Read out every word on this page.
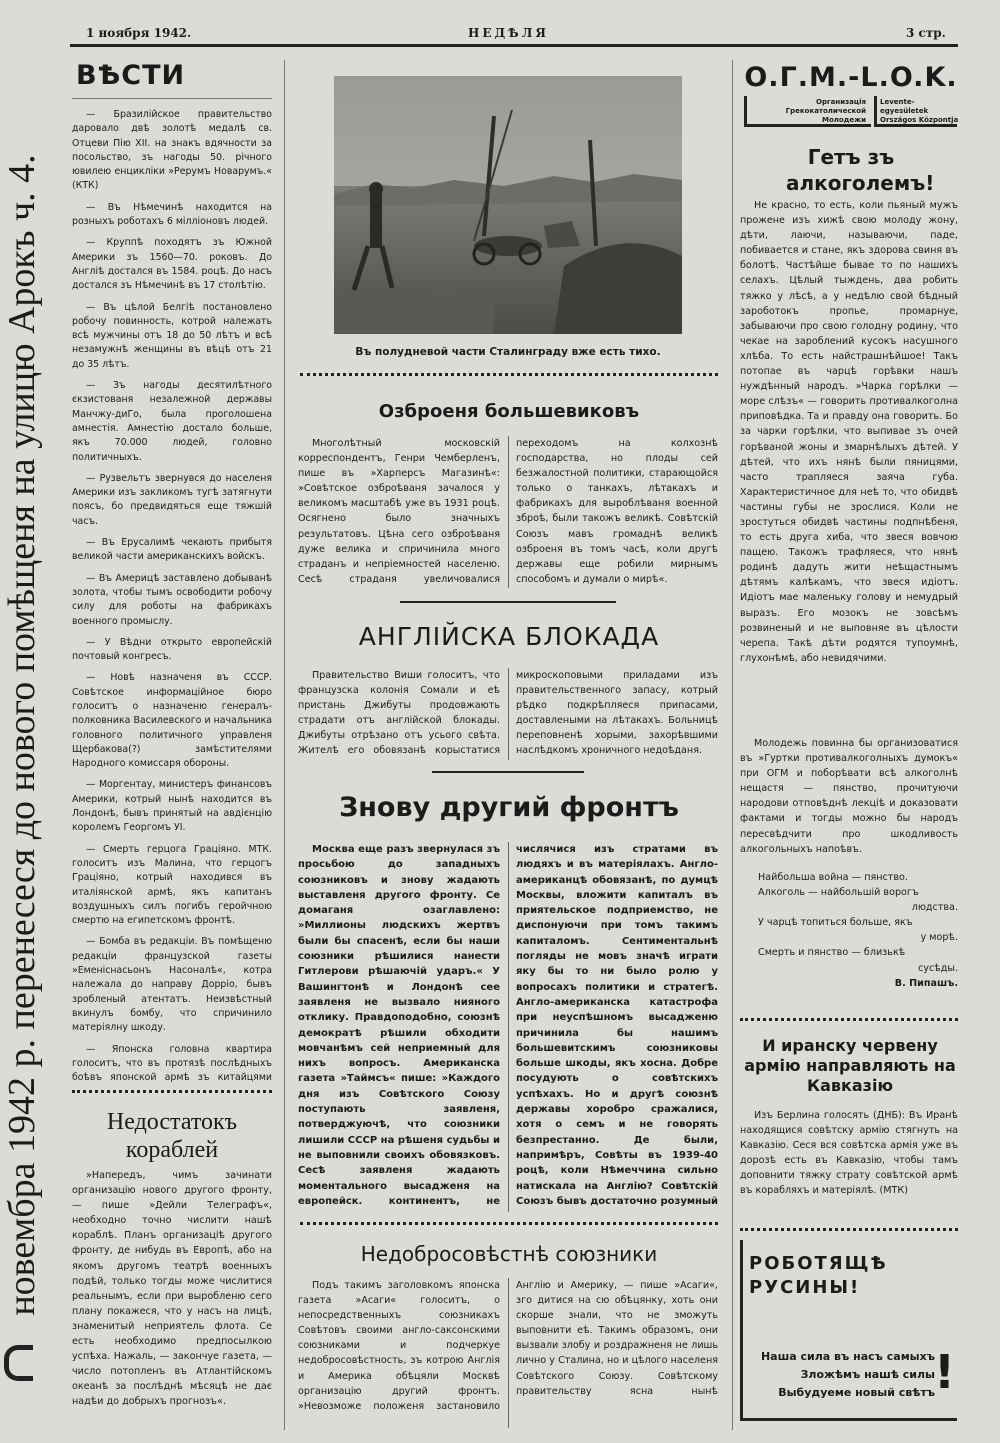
новембра 1942 р. перенесеся до нового помѣщеня на улицю Арокъ ч. 4.
1 ноября 1942.	НЕДѢЛЯ	3 стр.
ВѢСТИ

— Бразилійское правительство даровало двѣ золотѣ медалѣ св. Отцеви Пію XII. на знакъ вдячности за посольство, зъ нагоды 50. річного ювилею енцикліки »Рерумъ Новарумъ.« (КТК)

— Въ Нѣмечинѣ находится на розныхъ роботахъ 6 мілліоновъ людей.

— Круппѣ походятъ зъ Южной Америки зъ 1560—70. роковъ. До Англіѣ достался въ 1584. роцѣ. До насъ достался зъ Нѣмечинѣ въ 17 столѣтію.

— Въ цѣлой Белгіѣ постановлено робочу повинность, котрой належать всѣ мужчины отъ 18 до 50 лѣтъ и всѣ незамужнѣ женщины въ вѣцѣ отъ 21 до 35 лѣтъ.

— Зъ нагоды десятилѣтного єкзистованя незалежной державы Манчжу-диГо, была проголошена амнестія. Амнестію достало больше, якъ 70.000 людей, головно политичныхъ.

— Рузвельтъ звернувся до населеня Америки изъ закликомъ тугѣ затягнути поясъ, бо предвидяться еще тяжшій часъ.

— Въ Ерусалимѣ чекають прибытя великой части американскихъ войскъ.

— Въ Америцѣ заставлено добыванѣ золота, чтобы тымъ освободити робочу силу для роботы на фабрикахъ военного промыслу.

— У Вѣдни открыто европейскій почтовый конгресъ.

— Новѣ назначеня въ СССР. Совѣтское информаційное бюро голоситъ о назначеню генералъ-полковника Василевского и начальника головного политичного управленя Щербакова(?) замѣстителями Народного комиссаря обороны.

— Моргентау, министеръ финансовъ Америки, котрый нынѣ находится въ Лондонѣ, бывъ принятый на авдієнцію королемъ Георгомъ УІ.

— Смерть герцога Граціяно. МТК. голоситъ изъ Малина, что герцогъ Граціяно, котрый находився въ италіянской армѣ, якъ капитанъ воздушныхъ силъ погибъ геройчною смертю на египетскомъ фронтѣ.

— Бомба въ редакціи. Въ помѣщеню редакціи французской газеты »Еменіснасьонъ Насоналѣ«, котра належала до направу Дорріо, бывъ зробленый атентатъ. Неизвѣстный вкинулъ бомбу, что спричинило матеріялну шкоду.

— Японска головна квартира голоситъ, что въ протязѣ послѣдныхъ боѣвъ японской армѣ зъ китайцями

Недостатокъ кораблей
»Напередъ, чимъ зачинати организацію нового другого фронту, — пише »Дейли Телеграфъ«, необходно точно числити нашѣ кораблѣ. Планъ организаціѣ другого фронту, де нибудь въ Европѣ, або на якомъ другомъ театрѣ военныхъ подѣй, только тогды може числитися реальнымъ, если при выробленю сего плану покажеся, что у насъ на лицѣ, знаменитый неприятель флота. Се есть необходимо предпосылкою успѣха. Нажаль, — закончуе газета, — число потопленъ въ Атлантійскомъ океанѣ за послѣднѣ мѣсяцѣ не дає надѣи до добрыхъ прогнозъ«.
Въ полудневой части Сталинграду вже есть тихо.
Озброеня большевиковъ
Многолѣтный московскій корреспондентъ, Генри Чемберленъ, пише въ »Харперсъ Магазинѣ«: »Совѣтское озброѣваня зачалося у великомъ масштабѣ уже въ 1931 роцѣ. Осягнено было значныхъ результатовъ. Цѣна сего озброѣваня дуже велика и спричинила много страданъ и непріемностей населеню. Сесѣ страданя увеличовалися переходомъ на колхознѣ господарства, но плоды сей безжалостной политики, старающойся только о танкахъ, лѣтакахъ и фабрикахъ для выроблѣваня военной зброѣ, были такожъ великѣ. Совѣтскій Союзъ мавъ громаднѣ великѣ озброеня въ томъ часѣ, коли другѣ державы еще робили мирнымъ способомъ и думали о мирѣ«.
АНГЛІЙСКА БЛОКАДА
Правительство Виши голоситъ, что французска колонія Сомали и еѣ пристань Джибуты продовжають страдати отъ англійской блокады. Джибуты отрѣзано отъ усього свѣта. Жителѣ его обовязанѣ корыстатися микроскоповыми приладами изъ правительственного запасу, котрый рѣдко подкрѣпляеся припасами, доставлеными на лѣтакахъ. Больницѣ переповненѣ хорыми, захорѣвшими наслѣдкомъ хроничного недоѣданя.
Знову другий фронтъ
Москва еще разъ звернулася зъ просьбою до западныхъ союзниковъ и знову жадають выставленя другого фронту. Се домаганя озаглавлено: »Миллионы людскихъ жертвъ были бы спасенѣ, если бы наши союзники рѣшилися нанести Гитлерови рѣшаючій ударъ.« У Вашингтонѣ и Лондонѣ сее заявленя не вызвало нияного отклику. Правдоподобно, союзнѣ демократѣ рѣшили обходити мовчанѣмъ сей неприемный для нихъ вопросъ. Американска газета »Таймсъ« пише: »Каждого дня изъ Совѣтского Союзу поступають заявленя, потверджуючѣ, что союзники лишили СССР на рѣшеня судьбы и не выповнили своихъ обовязковъ. Сесѣ заявленя жадають моментального высадженя на европейск. континентъ, не числячися изъ стратами въ людяхъ и въ матеріялахъ. Англо-американцѣ обовязанѣ, по думцѣ Москвы, вложити капиталъ въ приятельское подприемство, не диспонуючи при томъ такимъ капиталомъ. Сентиментальнѣ погляды не мовъ значѣ играти яку бы то ни было ролю у вопросахъ политики и стратегѣ. Англо-американска катастрофа при неуспѣшномъ высадженю причинила бы нашимъ большевитскимъ союзниковы больше шкоды, якъ хосна. Добре посудують о совѣтскихъ успѣхахъ. Но и другѣ союзнѣ державы хоробро сражалися, хотя о семъ и не говорять безпрестанно. Де были, напримѣръ, Совѣты въ 1939-40 роцѣ, коли Нѣмеччина сильно натискала на Англію? Совѣтскій Союзъ бывъ достаточно розумный
Недобросовѣстнѣ союзники
Подъ такимъ заголовкомъ японска газета »Асаги« голоситъ, о непосредственныхъ союзникахъ Совѣтовъ своими англо-саксонскими союзниками и подчеркуе недобросовѣстность, зъ котрою Англія и Америка обѣцяли Москвѣ организацію другий фронтъ. »Невозможе положеня застановило Англію и Америку, — пише »Асаги«, зго дитися на сю обѣцянку, хоть они скорше знали, что не зможуть выповнити еѣ. Такимъ образомъ, они вызвали злобу и роздражненя не лишь лично у Сталина, но и цѣлого населеня Совѣтского Союзу. Совѣтскому правительству ясна нынѣ
О.Г.М.-L.O.K.
Организація Грекокатолической Молодежи
Levente-egyesületek Országos Központja
Гетъ зъ алкоголемъ!
Не красно, то есть, коли пьяный мужъ прожене изъ хижѣ свою молоду жону, дѣти, лаючи, называючи, паде, побивается и стане, якъ здорова свиня въ болотѣ. Частѣйше бывае то по нашихъ селахъ. Цѣлый тыждень, два робить тяжко у лѣсѣ, а у недѣлю свой бѣдный зароботокъ пропье, промарнуе, забываючи про свою голодну родину, что чекае на зароблений кусокъ насушного хлѣба. То есть найстрашнѣйшое! Такъ потопае въ чарцѣ горѣвки нашъ нуждѣнный народъ. »Чарка горѣлки — море слѣзъ« — говорить противалкоголна приповѣдка. Та и правду она говорить. Бо за чарки горѣлки, что выпивае зъ очей горѣваной жоны и змарнѣлыхъ дѣтей. У дѣтей, что ихъ нянѣ были пяницями, часто трапляеся заяча губа. Характеристичное для неѣ то, что обидвѣ частины губы не зрослися. Коли не зростуться обидвѣ частины подпнѣбеня, то есть друга хиба, что звеся вовчою пащею. Такожъ трафляеся, что нянѣ родинѣ дадуть жити неѣщастнымъ дѣтямъ калѣкамъ, что звеся идіотъ. Идіотъ мае маленьку голову и немудрый выразъ. Его мозокъ не зовсѣмъ розвиненый и не выповняе въ цѣлости черепа. Такѣ дѣти родятся тупоумнѣ, глухонѣмѣ, або невидячими.
Молодежь повинна бы организоватися въ »Гуртки противалкоголныхъ думокъ« при ОГМ и поборѣвати всѣ алкоголнѣ нещастя — пянство, прочитуючи народови отповѣднѣ лекціѣ и доказовати фактами и тогды можно бы народъ пересвѣдчити про шкодливость алкогольныхъ напоѣвъ.
Найбольша война — пянство.
Алкоголь — найбольшій ворогъ
людства.
У чарцѣ топиться больше, якъ
у морѣ.
Смерть и пянство — близькѣ
сусѣды.
В. Пипашъ.
И иранску червену армію направляють на Кавказію
Изъ Берлина голосять (ДНБ): Въ Иранѣ находящися совѣтску армію стягнуть на Кавказію. Сеся вся совѣтска армія уже въ дорозѣ есть въ Кавказію, чтобы тамъ доповнити тяжку страту совѣтской армѣ въ корабляхъ и матеріялѣ. (МТК)
РОБОТЯЩѢ РУСИНЫ!
Наша сила въ насъ самыхъ
Зложѣмъ нашѣ силы
Выбудуеме новый свѣтъ !
